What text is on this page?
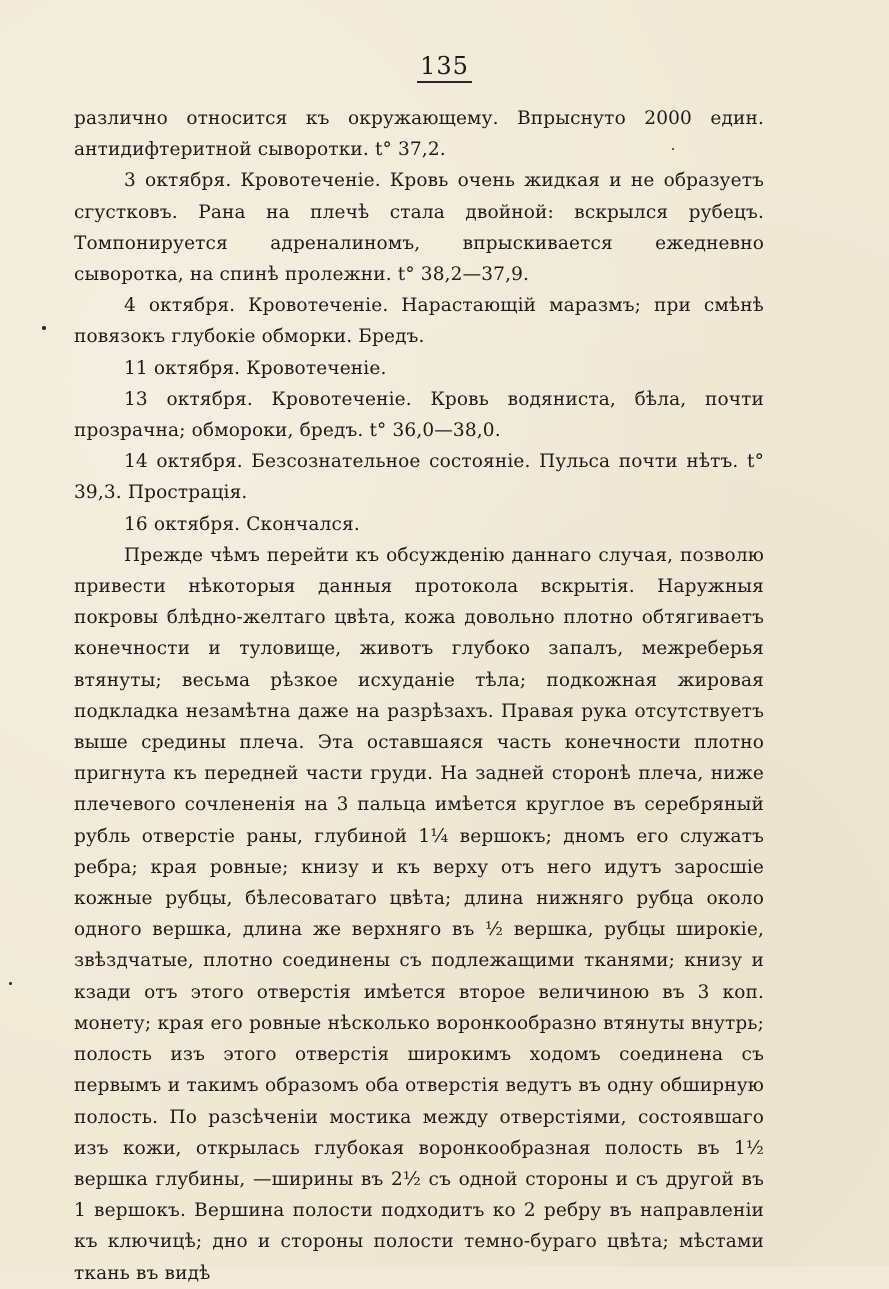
135

различно относится къ окружающему. Впрыснуто 2000 един. антидифтеритной сыворотки. t° 37,2.

3 октября. Кровотеченіе. Кровь очень жидкая и не образуетъ сгустковъ. Рана на плечѣ стала двойной: вскрылся рубецъ. Томпонируется адреналиномъ, впрыскивается ежедневно сыворотка, на спинѣ пролежни. t° 38,2—37,9.

4 октября. Кровотеченіе. Нарастающій маразмъ; при смѣнѣ повязокъ глубокіе обморки. Бредъ.

11 октября. Кровотеченіе.

13 октября. Кровотеченіе. Кровь водяниста, бѣла, почти прозрачна; обмороки, бредъ. t° 36,0—38,0.

14 октября. Безсознательное состояніе. Пульса почти нѣтъ. t° 39,3. Прострація.

16 октября. Скончался.

Прежде чѣмъ перейти къ обсужденію даннаго случая, позволю привести нѣкоторыя данныя протокола вскрытія. Наружныя покровы блѣдно-желтаго цвѣта, кожа довольно плотно обтягиваетъ конечности и туловище, животъ глубоко запалъ, межреберья втянуты; весьма рѣзкое исхуданіе тѣла; подкожная жировая подкладка незамѣтна даже на разрѣзахъ. Правая рука отсутствуетъ выше средины плеча. Эта оставшаяся часть конечности плотно пригнута къ передней части груди. На задней сторонѣ плеча, ниже плечевого сочлененія на 3 пальца имѣется круглое въ серебряный рубль отверстіе раны, глубиной 1¼ вершокъ; дномъ его служатъ ребра; края ровные; книзу и къ верху отъ него идутъ заросшіе кожные рубцы, бѣлесоватаго цвѣта; длина нижняго рубца около одного вершка, длина же верхняго въ ½ вершка, рубцы широкіе, звѣздчатые, плотно соединены съ подлежащими тканями; книзу и кзади отъ этого отверстія имѣется второе величиною въ 3 коп. монету; края его ровные нѣсколько воронкообразно втянуты внутрь; полость изъ этого отверстія широкимъ ходомъ соединена съ первымъ и такимъ образомъ оба отверстія ведутъ въ одну обширную полость. По разсѣченіи мостика между отверстіями, состоявшаго изъ кожи, открылась глубокая воронкообразная полость въ 1½ вершка глубины, —ширины въ 2½ съ одной стороны и съ другой въ 1 вершокъ. Вершина полости подходитъ ко 2 ребру въ направленіи къ ключицѣ; дно и стороны полости темно-бураго цвѣта; мѣстами ткань въ видѣ
